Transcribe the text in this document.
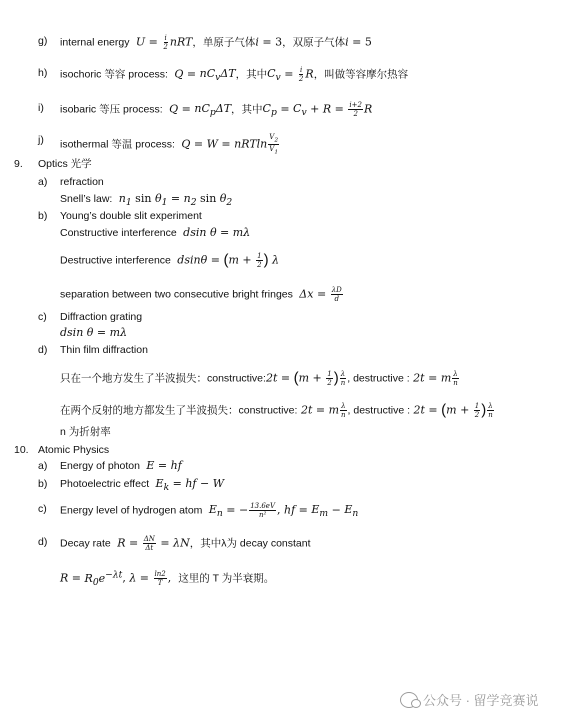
g) internal energy  $U = \frac{i}{2}$ nRT，单原子气体i = 3，双原子气体i = 5
h) isochoric 等容 process:  $Q = nC_v\Delta T$，其中$C_v = \frac{i}{2}$ R，叫做等容摩尔热容
i) isobaric 等压 process:  $Q = nC_p\Delta T$，其中$C_p = C_v + R = \frac{i+2}{2}$ R
j) isothermal 等温 process:  Q = W = nRTln $\frac{V_2}{V_1}$
9. Optics 光学
a) refraction
Snell’s law:  $n_1$ $\sin \theta_1 = n_2$ $\sin \theta_2$
b) Young’s double slit experiment
Constructive interference  dsin θ = mλ
Destructive interference  $dsin\theta = (m + \frac{1}{2}$ ) λ
separation between two consecutive bright fringes  $\Delta x = \frac{\lambda D}{d}$
c) Diffraction grating
dsin θ = mλ
d) Thin film diffraction
只在一个地方发生了半波损失：constructive:2t = ($m + \frac{1}{2}$ ) $\frac{\lambda}{n}$ , destructive : 2t = m $\frac{\lambda}{n}$
在两个反射的地方都发生了半波损失：constructive: 2t = m $\frac{\lambda}{n}$ , destructive : $2t = (m + \frac{1}{2}$ ) $\frac{\lambda}{n}$
n 为折射率
10. Atomic Physics
a) Energy of photon  E = hf
b) Photoelectric effect  $E_k$ = hf − W
c) Energy level of hydrogen atom  $E_n$ = − $\frac{13.6eV}{\text{n²}}$ , hf = $E_m - E_n$
d) Decay rate  $R = \frac{\Delta N}{\Delta t} = \lambda N$，其中λ为 decay constant
$R = R_0e^{-\lambda t}$, $\lambda = \frac{\ln 2}{T}$ ,  这里的 T 为半衰期。
公众号 · 留学竞赛说
